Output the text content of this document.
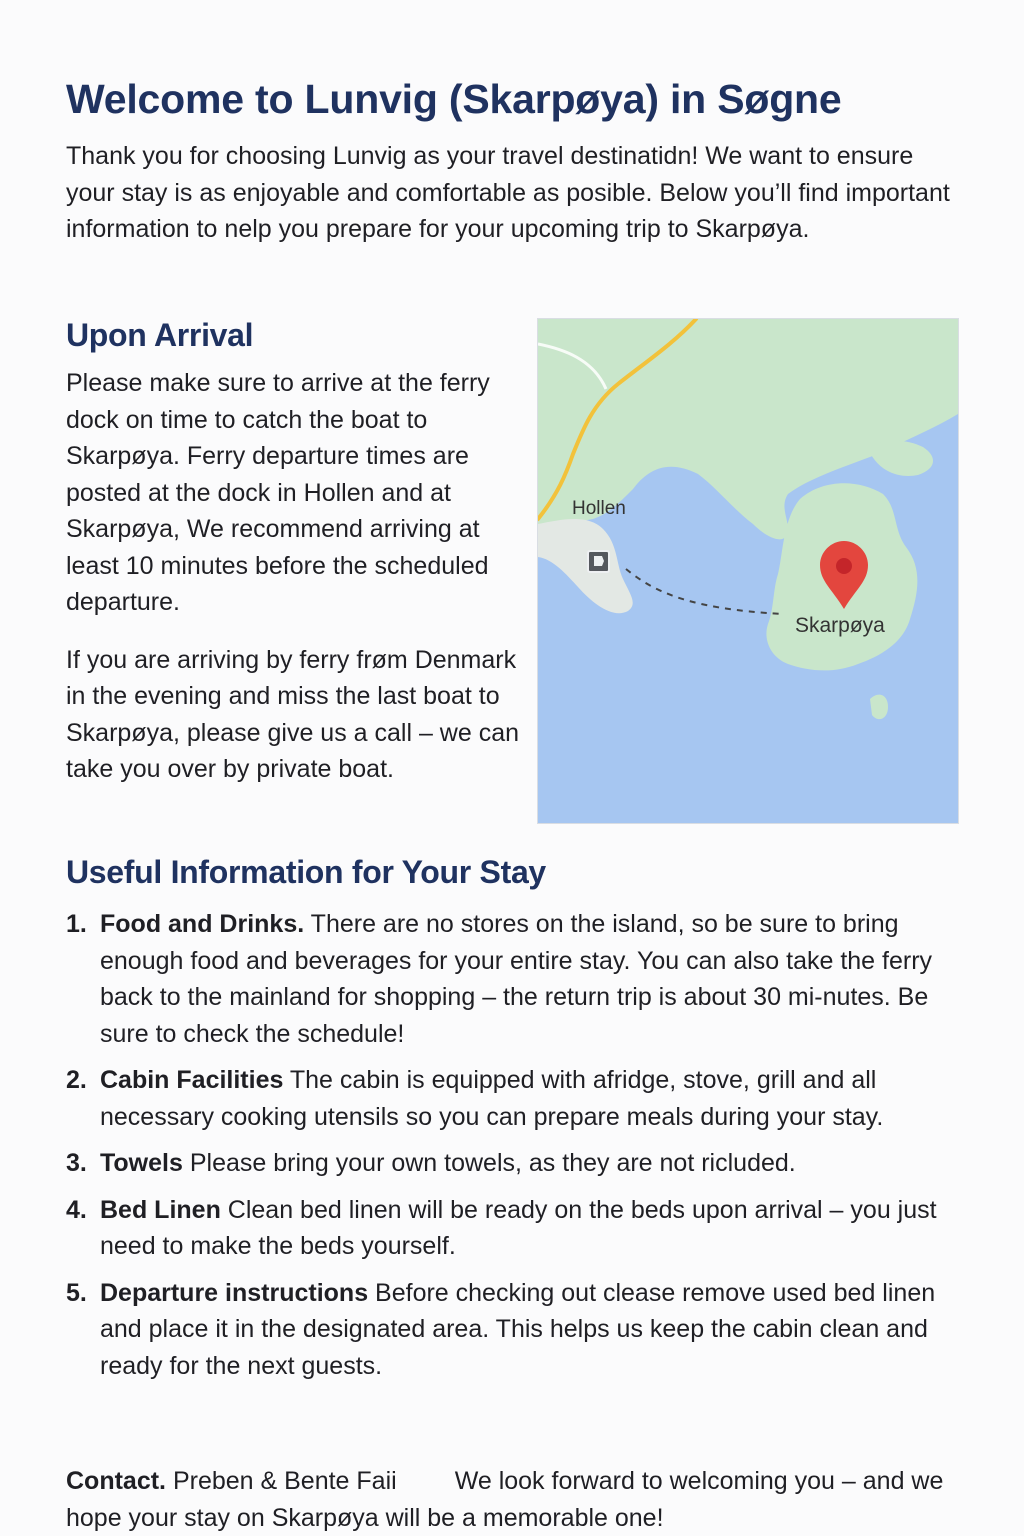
Welcome to Lunvig (Skarpøya) in Søgne

Thank you for choosing Lunvig as your travel destinatidn! We want to ensure your stay is as enjoyable and comfortable as posible. Below you’ll find important information to nelp you prepare for your upcoming trip to Skarpøya.

Upon Arrival

Please make sure to arrive at the ferry dock on time to catch the boat to Skarpøya. Ferry departure times are posted at the dock in Hollen and at Skarpøya, We recommend arriving at least 10 minutes before the scheduled departure.

If you are arriving by ferry frøm Denmark in the evening and miss the last boat to Skarpøya, please give us a call – we can take you over by private boat.

Hollen
Skarpøya
Useful Information for Your Stay
1. Food and Drinks. There are no stores on the island, so be sure to bring enough food and beverages for your entire stay. You can also take the ferry back to the mainland for shopping – the return trip is about 30 mi-nutes. Be sure to check the schedule!
2. Cabin Facilities The cabin is equipped with afridge, stove, grill and all necessary cooking utensils so you can prepare meals during your stay.
3. Towels Please bring your own towels, as they are not ricluded.
4. Bed Linen Clean bed linen will be ready on the beds upon arrival – you just need to make the beds yourself.
5. Departure instructions Before checking out clease remove used bed linen and place it in the designated area. This helps us keep the cabin clean and ready for the next guests.

Contact. Preben & Bente Faii We look forward to welcoming you – and we hope your stay on Skarpøya will be a memorable one!
